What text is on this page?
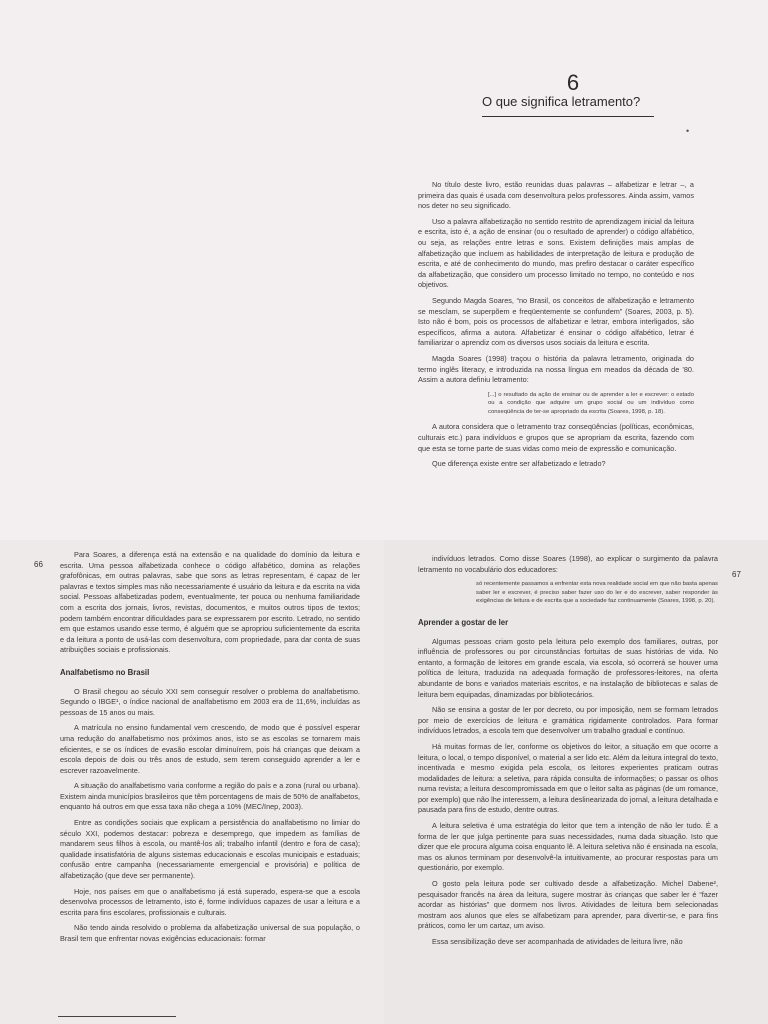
6
O que significa letramento?
•

No título deste livro, estão reunidas duas palavras – alfabetizar e letrar –, a primeira das quais é usada com desenvoltura pelos professores. Ainda assim, vamos nos deter no seu significado.

Uso a palavra alfabetização no sentido restrito de aprendizagem inicial da leitura e escrita, isto é, a ação de ensinar (ou o resultado de aprender) o código alfabético, ou seja, as relações entre letras e sons. Existem definições mais amplas de alfabetização que incluem as habilidades de interpretação de leitura e produção de escrita, e até de conhecimento do mundo, mas prefiro destacar o caráter específico da alfabetização, que considero um processo limitado no tempo, no conteúdo e nos objetivos.

Segundo Magda Soares, “no Brasil, os conceitos de alfabetização e letramento se mesclam, se superpõem e freqüentemente se confundem” (Soares, 2003, p. 5). Isto não é bom, pois os processos de alfabetizar e letrar, embora interligados, são específicos, afirma a autora. Alfabetizar é ensinar o código alfabético, letrar é familiarizar o aprendiz com os diversos usos sociais da leitura e escrita.

Magda Soares (1998) traçou o história da palavra letramento, originada do termo inglês literacy, e introduzida na nossa língua em meados da década de ’80. Assim a autora definiu letramento:

[...] o resultado da ação de ensinar ou de aprender a ler e escrever: o estado ou a condição que adquire um grupo social ou um indivíduo como conseqüência de ter-se apropriado da escrita (Soares, 1998, p. 18).

A autora considera que o letramento traz conseqüências (políticas, econômicas, culturais etc.) para indivíduos e grupos que se apropriam da escrita, fazendo com que esta se torne parte de suas vidas como meio de expressão e comunicação.

Que diferença existe entre ser alfabetizado e letrado?

66

Para Soares, a diferença está na extensão e na qualidade do domínio da leitura e escrita. Uma pessoa alfabetizada conhece o código alfabético, domina as relações grafofônicas, em outras palavras, sabe que sons as letras representam, é capaz de ler palavras e textos simples mas não necessariamente é usuário da leitura e da escrita na vida social. Pessoas alfabetizadas podem, eventualmente, ter pouca ou nenhuma familiaridade com a escrita dos jornais, livros, revistas, documentos, e muitos outros tipos de textos; podem também encontrar dificuldades para se expressarem por escrito. Letrado, no sentido em que estamos usando esse termo, é alguém que se apropriou suficientemente da escrita e da leitura a ponto de usá-las com desenvoltura, com propriedade, para dar conta de suas atribuições sociais e profissionais.

Analfabetismo no Brasil

O Brasil chegou ao século XXI sem conseguir resolver o problema do analfabetismo. Segundo o IBGE¹, o índice nacional de analfabetismo em 2003 era de 11,6%, incluídas as pessoas de 15 anos ou mais.

A matrícula no ensino fundamental vem crescendo, de modo que é possível esperar uma redução do analfabetismo nos próximos anos, isto se as escolas se tornarem mais eficientes, e se os índices de evasão escolar diminuírem, pois há crianças que deixam a escola depois de dois ou três anos de estudo, sem terem conseguido aprender a ler e escrever razoavelmente.

A situação do analfabetismo varia conforme a região do país e a zona (rural ou urbana). Existem ainda municípios brasileiros que têm porcentagens de mais de 50% de analfabetos, enquanto há outros em que essa taxa não chega a 10% (MEC/Inep, 2003).

Entre as condições sociais que explicam a persistência do analfabetismo no limiar do século XXI, podemos destacar: pobreza e desemprego, que impedem as famílias de mandarem seus filhos à escola, ou mantê-los ali; trabalho infantil (dentro e fora de casa); qualidade insatisfatória de alguns sistemas educacionais e escolas municipais e estaduais; confusão entre campanha (necessariamente emergencial e provisória) e política de alfabetização (que deve ser permanente).

Hoje, nos países em que o analfabetismo já está superado, espera-se que a escola desenvolva processos de letramento, isto é, forme indivíduos capazes de usar a leitura e a escrita para fins escolares, profissionais e culturais.

Não tendo ainda resolvido o problema da alfabetização universal de sua população, o Brasil tem que enfrentar novas exigências educacionais: formar

67

indivíduos letrados. Como disse Soares (1998), ao explicar o surgimento da palavra letramento no vocabulário dos educadores:

só recentemente passamos a enfrentar esta nova realidade social em que não basta apenas saber ler e escrever, é preciso saber fazer uso do ler e do escrever, saber responder às exigências de leitura e de escrita que a sociedade faz continuamente (Soares, 1998, p. 20).

Aprender a gostar de ler

Algumas pessoas criam gosto pela leitura pelo exemplo dos familiares, outras, por influência de professores ou por circunstâncias fortuitas de suas histórias de vida. No entanto, a formação de leitores em grande escala, via escola, só ocorrerá se houver uma política de leitura, traduzida na adequada formação de professores-leitores, na oferta abundante de bons e variados materiais escritos, e na instalação de bibliotecas e salas de leitura bem equipadas, dinamizadas por bibliotecários.

Não se ensina a gostar de ler por decreto, ou por imposição, nem se formam letrados por meio de exercícios de leitura e gramática rigidamente controlados. Para formar indivíduos letrados, a escola tem que desenvolver um trabalho gradual e contínuo.

Há muitas formas de ler, conforme os objetivos do leitor, a situação em que ocorre a leitura, o local, o tempo disponível, o material a ser lido etc. Além da leitura integral do texto, incentivada e mesmo exigida pela escola, os leitores experientes praticam outras modalidades de leitura: a seletiva, para rápida consulta de informações; o passar os olhos numa revista; a leitura descompromissada em que o leitor salta as páginas (de um romance, por exemplo) que não lhe interessem, a leitura deslinearizada do jornal, a leitura detalhada e pausada para fins de estudo, dentre outras.

A leitura seletiva é uma estratégia do leitor que tem a intenção de não ler tudo. É a forma de ler que julga pertinente para suas necessidades, numa dada situação. Isto que dizer que ele procura alguma coisa enquanto lê. A leitura seletiva não é ensinada na escola, mas os alunos terminam por desenvolvê-la intuitivamente, ao procurar respostas para um questionário, por exemplo.

O gosto pela leitura pode ser cultivado desde a alfabetização. Michel Dabene², pesquisador francês na área da leitura, sugere mostrar às crianças que saber ler é “fazer acordar as histórias” que dormem nos livros. Atividades de leitura bem selecionadas mostram aos alunos que eles se alfabetizam para aprender, para divertir-se, e para fins práticos, como ler um cartaz, um aviso.

Essa sensibilização deve ser acompanhada de atividades de leitura livre, não
